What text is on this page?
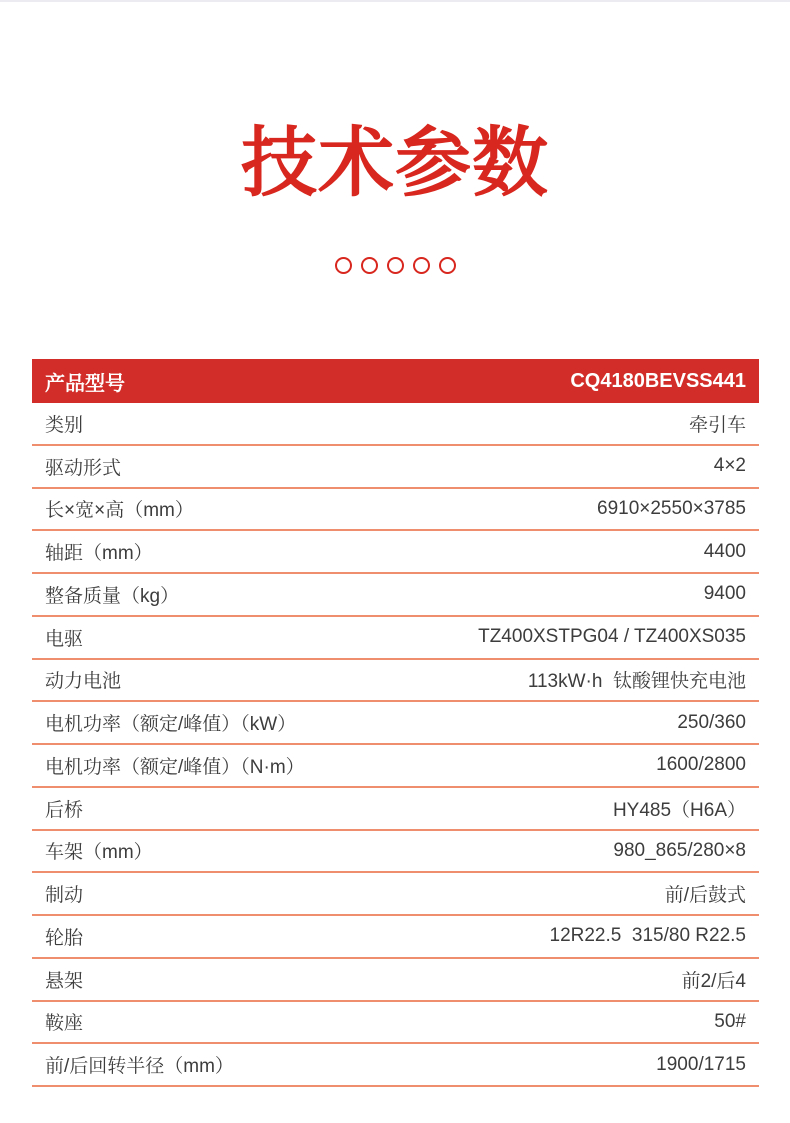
技术参数
产品型号	CQ4180BEVSS441
类别	牵引车
驱动形式	4×2
长×宽×高（mm）	6910×2550×3785
轴距（mm）	4400
整备质量（kg）	9400
电驱	TZ400XSTPG04 / TZ400XS035
动力电池	113kW·h  钛酸锂快充电池
电机功率（额定/峰值）（kW）	250/360
电机功率（额定/峰值）（N·m）	1600/2800
后桥	HY485（H6A）
车架（mm）	980_865/280×8
制动	前/后鼓式
轮胎	12R22.5  315/80 R22.5
悬架	前2/后4
鞍座	50#
前/后回转半径（mm）	1900/1715
